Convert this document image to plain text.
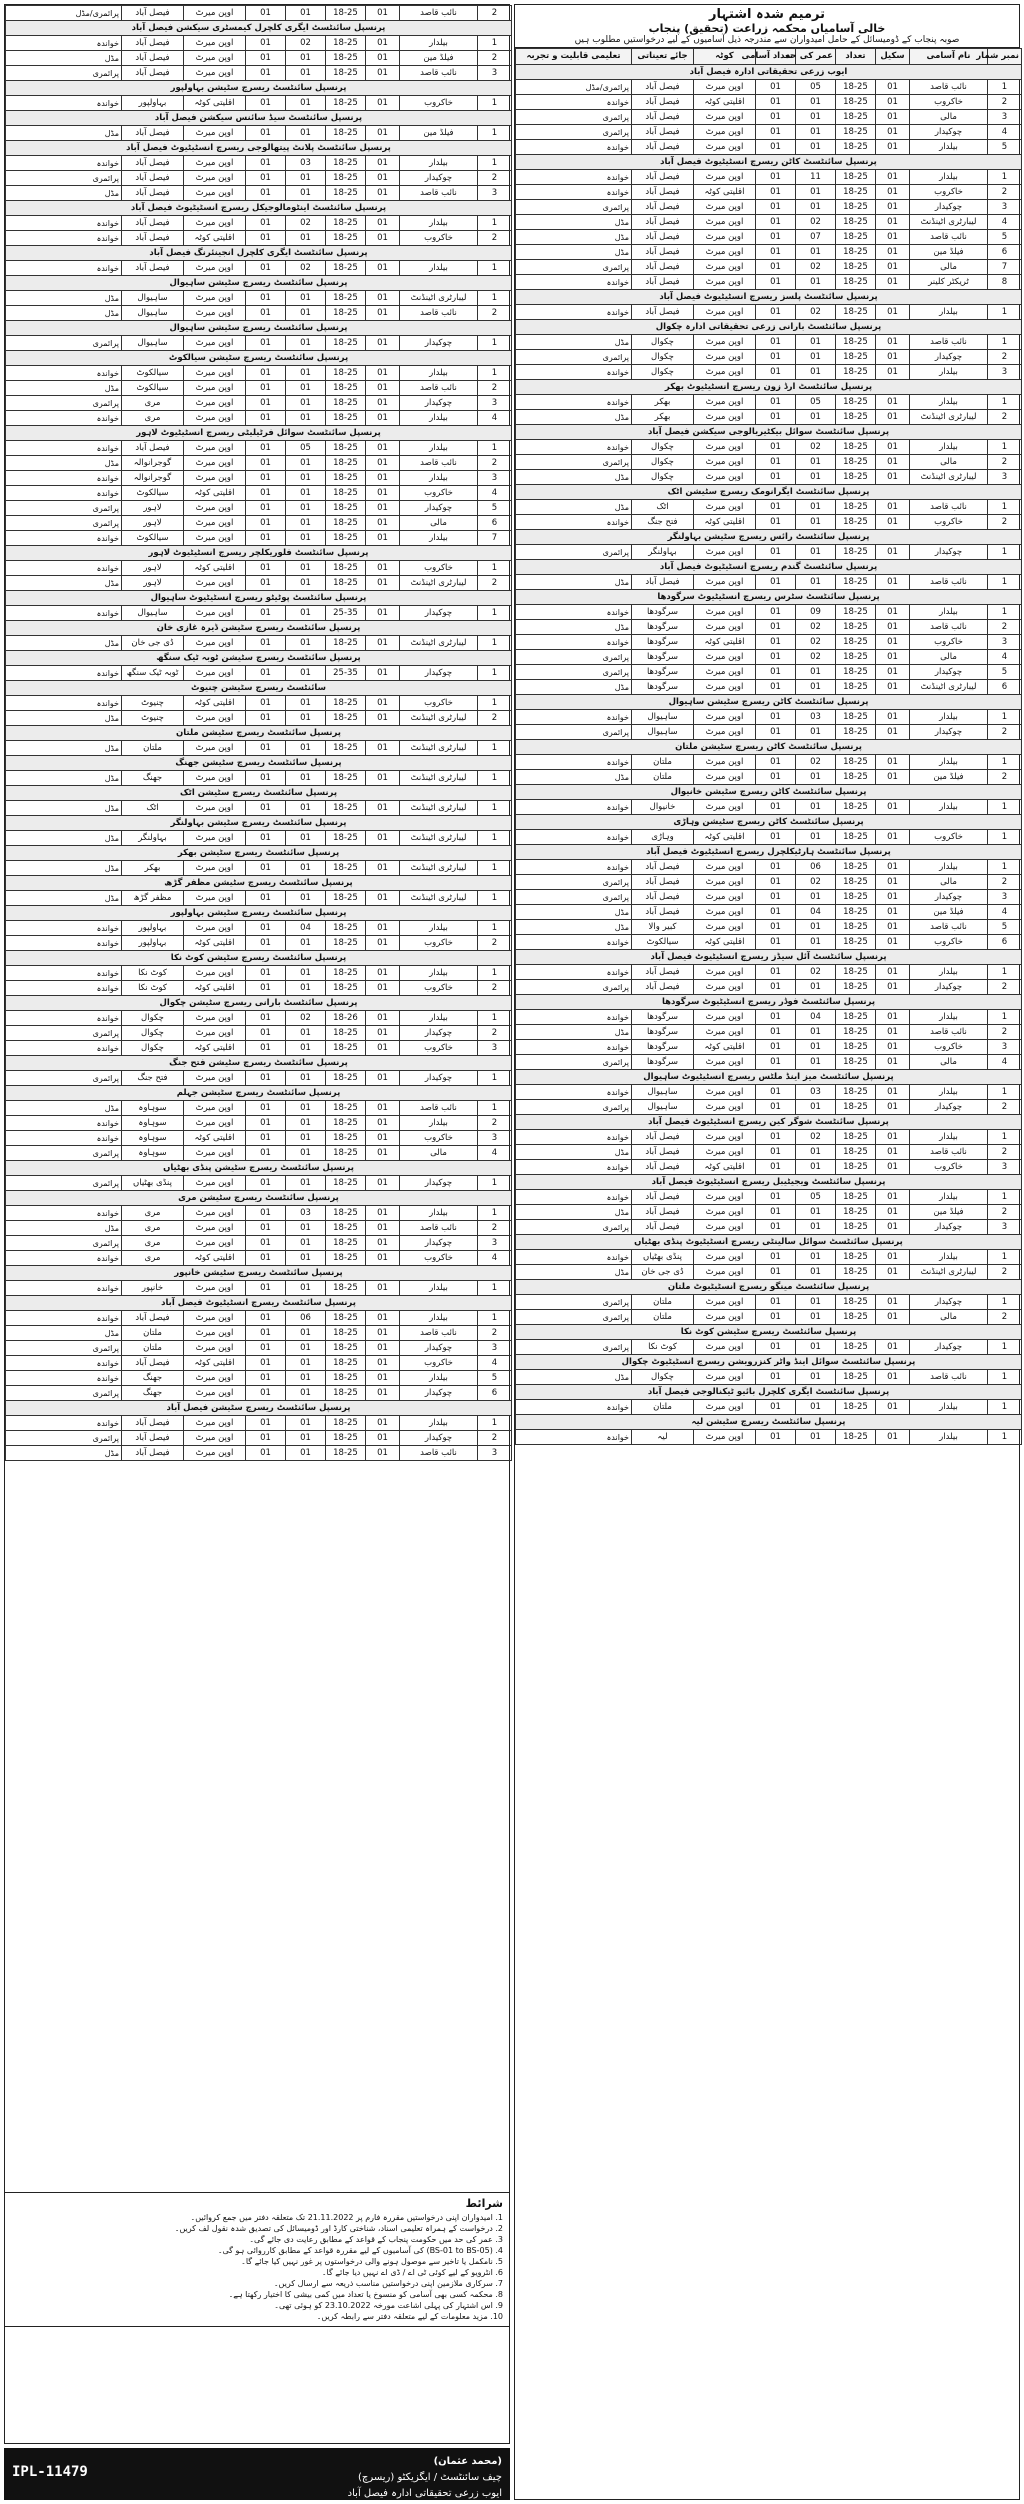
ترمیم شدہ اشتہار
خالی آسامیاں محکمہ زراعت (تحقیق) پنجاب
صوبہ پنجاب کے ڈومیسائل کے حامل امیدواران سے مندرجہ ذیل آسامیوں کے لیے درخواستیں مطلوب ہیں
نمبر شمار	نام آسامی	سکیل	تعداد	عمر کی حد	تعداد آسامی	کوٹہ	جائے تعیناتی	تعلیمی قابلیت و تجربہ
ایوب زرعی تحقیقاتی ادارہ فیصل آباد								
1	نائب قاصد	01	18-25	05	01	اوپن میرٹ	فیصل آباد	پرائمری/مڈل
2	خاکروب	01	18-25	01	01	اقلیتی کوٹہ	فیصل آباد	خواندہ
3	مالی	01	18-25	01	01	اوپن میرٹ	فیصل آباد	پرائمری
4	چوکیدار	01	18-25	01	01	اوپن میرٹ	فیصل آباد	پرائمری
5	بیلدار	01	18-25	01	01	اوپن میرٹ	فیصل آباد	خواندہ
پرنسپل سائنٹسٹ کاٹن ریسرچ انسٹیٹیوٹ فیصل آباد								
1	بیلدار	01	18-25	11	01	اوپن میرٹ	فیصل آباد	خواندہ
2	خاکروب	01	18-25	01	01	اقلیتی کوٹہ	فیصل آباد	خواندہ
3	چوکیدار	01	18-25	01	01	اوپن میرٹ	فیصل آباد	پرائمری
4	لیبارٹری اٹینڈنٹ	01	18-25	02	01	اوپن میرٹ	فیصل آباد	مڈل
5	نائب قاصد	01	18-25	07	01	اوپن میرٹ	فیصل آباد	مڈل
6	فیلڈ مین	01	18-25	01	01	اوپن میرٹ	فیصل آباد	مڈل
7	مالی	01	18-25	02	01	اوپن میرٹ	فیصل آباد	پرائمری
8	ٹریکٹر کلینر	01	18-25	01	01	اوپن میرٹ	فیصل آباد	خواندہ
پرنسپل سائنٹسٹ پلسز ریسرچ انسٹیٹیوٹ فیصل آباد								
1	بیلدار	01	18-25	02	01	اوپن میرٹ	فیصل آباد	خواندہ
پرنسپل سائنٹسٹ بارانی زرعی تحقیقاتی ادارہ چکوال								
1	نائب قاصد	01	18-25	01	01	اوپن میرٹ	چکوال	مڈل
2	چوکیدار	01	18-25	01	01	اوپن میرٹ	چکوال	پرائمری
3	بیلدار	01	18-25	01	01	اوپن میرٹ	چکوال	خواندہ
پرنسپل سائنٹسٹ ارڈ زون ریسرچ انسٹیٹیوٹ بھکر								
1	بیلدار	01	18-25	05	01	اوپن میرٹ	بھکر	خواندہ
2	لیبارٹری اٹینڈنٹ	01	18-25	01	01	اوپن میرٹ	بھکر	مڈل
پرنسپل سائنٹسٹ سوائل بیکٹیریالوجی سیکشن فیصل آباد								
1	بیلدار	01	18-25	02	01	اوپن میرٹ	چکوال	خواندہ
2	مالی	01	18-25	01	01	اوپن میرٹ	چکوال	پرائمری
3	لیبارٹری اٹینڈنٹ	01	18-25	01	01	اوپن میرٹ	چکوال	مڈل
پرنسپل سائنٹسٹ ایگرانومک ریسرچ سٹیشن اٹک								
1	نائب قاصد	01	18-25	01	01	اوپن میرٹ	اٹک	مڈل
2	خاکروب	01	18-25	01	01	اقلیتی کوٹہ	فتح جنگ	خواندہ
پرنسپل سائنٹسٹ رائس ریسرچ سٹیشن بہاولنگر								
1	چوکیدار	01	18-25	01	01	اوپن میرٹ	بہاولنگر	پرائمری
پرنسپل سائنٹسٹ گندم ریسرچ انسٹیٹیوٹ فیصل آباد								
1	نائب قاصد	01	18-25	01	01	اوپن میرٹ	فیصل آباد	مڈل
پرنسپل سائنٹسٹ سٹرس ریسرچ انسٹیٹیوٹ سرگودھا								
1	بیلدار	01	18-25	09	01	اوپن میرٹ	سرگودھا	خواندہ
2	نائب قاصد	01	18-25	02	01	اوپن میرٹ	سرگودھا	مڈل
3	خاکروب	01	18-25	02	01	اقلیتی کوٹہ	سرگودھا	خواندہ
4	مالی	01	18-25	02	01	اوپن میرٹ	سرگودھا	پرائمری
5	چوکیدار	01	18-25	01	01	اوپن میرٹ	سرگودھا	پرائمری
6	لیبارٹری اٹینڈنٹ	01	18-25	01	01	اوپن میرٹ	سرگودھا	مڈل
پرنسپل سائنٹسٹ کاٹن ریسرچ سٹیشن ساہیوال								
1	بیلدار	01	18-25	03	01	اوپن میرٹ	ساہیوال	خواندہ
2	چوکیدار	01	18-25	01	01	اوپن میرٹ	ساہیوال	پرائمری
پرنسپل سائنٹسٹ کاٹن ریسرچ سٹیشن ملتان								
1	بیلدار	01	18-25	02	01	اوپن میرٹ	ملتان	خواندہ
2	فیلڈ مین	01	18-25	01	01	اوپن میرٹ	ملتان	مڈل
پرنسپل سائنٹسٹ کاٹن ریسرچ سٹیشن خانیوال								
1	بیلدار	01	18-25	01	01	اوپن میرٹ	خانیوال	خواندہ
پرنسپل سائنٹسٹ کاٹن ریسرچ سٹیشن وہاڑی								
1	خاکروب	01	18-25	01	01	اقلیتی کوٹہ	وہاڑی	خواندہ
پرنسپل سائنٹسٹ ہارٹیکلچرل ریسرچ انسٹیٹیوٹ فیصل آباد								
1	بیلدار	01	18-25	06	01	اوپن میرٹ	فیصل آباد	خواندہ
2	مالی	01	18-25	02	01	اوپن میرٹ	فیصل آباد	پرائمری
3	چوکیدار	01	18-25	01	01	اوپن میرٹ	فیصل آباد	پرائمری
4	فیلڈ مین	01	18-25	04	01	اوپن میرٹ	فیصل آباد	مڈل
5	نائب قاصد	01	18-25	01	01	اوپن میرٹ	کبیر والا	مڈل
6	خاکروب	01	18-25	01	01	اقلیتی کوٹہ	سیالکوٹ	خواندہ
پرنسپل سائنٹسٹ آئل سیڈز ریسرچ انسٹیٹیوٹ فیصل آباد								
1	بیلدار	01	18-25	02	01	اوپن میرٹ	فیصل آباد	خواندہ
2	چوکیدار	01	18-25	01	01	اوپن میرٹ	فیصل آباد	پرائمری
پرنسپل سائنٹسٹ فوڈر ریسرچ انسٹیٹیوٹ سرگودھا								
1	بیلدار	01	18-25	04	01	اوپن میرٹ	سرگودھا	خواندہ
2	نائب قاصد	01	18-25	01	01	اوپن میرٹ	سرگودھا	مڈل
3	خاکروب	01	18-25	01	01	اقلیتی کوٹہ	سرگودھا	خواندہ
4	مالی	01	18-25	01	01	اوپن میرٹ	سرگودھا	پرائمری
پرنسپل سائنٹسٹ میز اینڈ ملٹس ریسرچ انسٹیٹیوٹ ساہیوال								
1	بیلدار	01	18-25	03	01	اوپن میرٹ	ساہیوال	خواندہ
2	چوکیدار	01	18-25	01	01	اوپن میرٹ	ساہیوال	پرائمری
پرنسپل سائنٹسٹ شوگر کین ریسرچ انسٹیٹیوٹ فیصل آباد								
1	بیلدار	01	18-25	02	01	اوپن میرٹ	فیصل آباد	خواندہ
2	نائب قاصد	01	18-25	01	01	اوپن میرٹ	فیصل آباد	مڈل
3	خاکروب	01	18-25	01	01	اقلیتی کوٹہ	فیصل آباد	خواندہ
پرنسپل سائنٹسٹ ویجیٹیبل ریسرچ انسٹیٹیوٹ فیصل آباد								
1	بیلدار	01	18-25	05	01	اوپن میرٹ	فیصل آباد	خواندہ
2	فیلڈ مین	01	18-25	01	01	اوپن میرٹ	فیصل آباد	مڈل
3	چوکیدار	01	18-25	01	01	اوپن میرٹ	فیصل آباد	پرائمری
پرنسپل سائنٹسٹ سوائل سالینٹی ریسرچ انسٹیٹیوٹ پنڈی بھٹیاں								
1	بیلدار	01	18-25	01	01	اوپن میرٹ	پنڈی بھٹیاں	خواندہ
2	لیبارٹری اٹینڈنٹ	01	18-25	01	01	اوپن میرٹ	ڈی جی خان	مڈل
پرنسپل سائنٹسٹ مینگو ریسرچ انسٹیٹیوٹ ملتان								
1	چوکیدار	01	18-25	01	01	اوپن میرٹ	ملتان	پرائمری
2	مالی	01	18-25	01	01	اوپن میرٹ	ملتان	پرائمری
پرنسپل سائنٹسٹ ریسرچ سٹیشن کوٹ نکا								
1	چوکیدار	01	18-25	01	01	اوپن میرٹ	کوٹ نکا	پرائمری
پرنسپل سائنٹسٹ سوائل اینڈ واٹر کنزرویشن ریسرچ انسٹیٹیوٹ چکوال								
1	نائب قاصد	01	18-25	01	01	اوپن میرٹ	چکوال	مڈل
پرنسپل سائنٹسٹ ایگری کلچرل بائیو ٹیکنالوجی فیصل آباد								
1	بیلدار	01	18-25	01	01	اوپن میرٹ	ملتان	خواندہ
پرنسپل سائنٹسٹ ریسرچ سٹیشن لیہ								
1	بیلدار	01	18-25	01	01	اوپن میرٹ	لیہ	خواندہ
2	نائب قاصد	01	18-25	01	01	اوپن میرٹ	فیصل آباد	پرائمری/مڈل
پرنسپل سائنٹسٹ ایگری کلچرل کیمسٹری سیکشن فیصل آباد								
1	بیلدار	01	18-25	02	01	اوپن میرٹ	فیصل آباد	خواندہ
2	فیلڈ مین	01	18-25	01	01	اوپن میرٹ	فیصل آباد	مڈل
3	نائب قاصد	01	18-25	01	01	اوپن میرٹ	فیصل آباد	پرائمری
پرنسپل سائنٹسٹ ریسرچ سٹیشن بہاولپور								
1	خاکروب	01	18-25	01	01	اقلیتی کوٹہ	بہاولپور	خواندہ
پرنسپل سائنٹسٹ سیڈ سائنس سیکشن فیصل آباد								
1	فیلڈ مین	01	18-25	01	01	اوپن میرٹ	فیصل آباد	مڈل
پرنسپل سائنٹسٹ پلانٹ پیتھالوجی ریسرچ انسٹیٹیوٹ فیصل آباد								
1	بیلدار	01	18-25	03	01	اوپن میرٹ	فیصل آباد	خواندہ
2	چوکیدار	01	18-25	01	01	اوپن میرٹ	فیصل آباد	پرائمری
3	نائب قاصد	01	18-25	01	01	اوپن میرٹ	فیصل آباد	مڈل
پرنسپل سائنٹسٹ اینٹومالوجیکل ریسرچ انسٹیٹیوٹ فیصل آباد								
1	بیلدار	01	18-25	02	01	اوپن میرٹ	فیصل آباد	خواندہ
2	خاکروب	01	18-25	01	01	اقلیتی کوٹہ	فیصل آباد	خواندہ
پرنسپل سائنٹسٹ ایگری کلچرل انجینئرنگ فیصل آباد								
1	بیلدار	01	18-25	02	01	اوپن میرٹ	فیصل آباد	خواندہ
پرنسپل سائنٹسٹ ریسرچ سٹیشن ساہیوال								
1	لیبارٹری اٹینڈنٹ	01	18-25	01	01	اوپن میرٹ	ساہیوال	مڈل
2	نائب قاصد	01	18-25	01	01	اوپن میرٹ	ساہیوال	مڈل
پرنسپل سائنٹسٹ ریسرچ سٹیشن ساہیوال								
1	چوکیدار	01	18-25	01	01	اوپن میرٹ	ساہیوال	پرائمری
پرنسپل سائنٹسٹ ریسرچ سٹیشن سیالکوٹ								
1	بیلدار	01	18-25	01	01	اوپن میرٹ	سیالکوٹ	خواندہ
2	نائب قاصد	01	18-25	01	01	اوپن میرٹ	سیالکوٹ	مڈل
3	چوکیدار	01	18-25	01	01	اوپن میرٹ	مری	پرائمری
4	بیلدار	01	18-25	01	01	اوپن میرٹ	مری	خواندہ
پرنسپل سائنٹسٹ سوائل فرٹیلیٹی ریسرچ انسٹیٹیوٹ لاہور								
1	بیلدار	01	18-25	05	01	اوپن میرٹ	فیصل آباد	خواندہ
2	نائب قاصد	01	18-25	01	01	اوپن میرٹ	گوجرانوالہ	مڈل
3	بیلدار	01	18-25	01	01	اوپن میرٹ	گوجرانوالہ	خواندہ
4	خاکروب	01	18-25	01	01	اقلیتی کوٹہ	سیالکوٹ	خواندہ
5	چوکیدار	01	18-25	01	01	اوپن میرٹ	لاہور	پرائمری
6	مالی	01	18-25	01	01	اوپن میرٹ	لاہور	پرائمری
7	بیلدار	01	18-25	01	01	اوپن میرٹ	سیالکوٹ	خواندہ
پرنسپل سائنٹسٹ فلوریکلچر ریسرچ انسٹیٹیوٹ لاہور								
1	خاکروب	01	18-25	01	01	اقلیتی کوٹہ	لاہور	خواندہ
2	لیبارٹری اٹینڈنٹ	01	18-25	01	01	اوپن میرٹ	لاہور	مڈل
پرنسپل سائنٹسٹ پوٹیٹو ریسرچ انسٹیٹیوٹ ساہیوال								
1	چوکیدار	01	25-35	01	01	اوپن میرٹ	ساہیوال	خواندہ
پرنسپل سائنٹسٹ ریسرچ سٹیشن ڈیرہ غازی خان								
1	لیبارٹری اٹینڈنٹ	01	18-25	01	01	اوپن میرٹ	ڈی جی خان	مڈل
پرنسپل سائنٹسٹ ریسرچ سٹیشن ٹوبہ ٹیک سنگھ								
1	چوکیدار	01	25-35	01	01	اوپن میرٹ	ٹوبہ ٹیک سنگھ	خواندہ
سائنٹسٹ ریسرچ سٹیشن چنیوٹ								
1	خاکروب	01	18-25	01	01	اقلیتی کوٹہ	چنیوٹ	خواندہ
2	لیبارٹری اٹینڈنٹ	01	18-25	01	01	اوپن میرٹ	چنیوٹ	مڈل
پرنسپل سائنٹسٹ ریسرچ سٹیشن ملتان								
1	لیبارٹری اٹینڈنٹ	01	18-25	01	01	اوپن میرٹ	ملتان	مڈل
پرنسپل سائنٹسٹ ریسرچ سٹیشن جھنگ								
1	لیبارٹری اٹینڈنٹ	01	18-25	01	01	اوپن میرٹ	جھنگ	مڈل
پرنسپل سائنٹسٹ ریسرچ سٹیشن اٹک								
1	لیبارٹری اٹینڈنٹ	01	18-25	01	01	اوپن میرٹ	اٹک	مڈل
پرنسپل سائنٹسٹ ریسرچ سٹیشن بہاولنگر								
1	لیبارٹری اٹینڈنٹ	01	18-25	01	01	اوپن میرٹ	بہاولنگر	مڈل
پرنسپل سائنٹسٹ ریسرچ سٹیشن بھکر								
1	لیبارٹری اٹینڈنٹ	01	18-25	01	01	اوپن میرٹ	بھکر	مڈل
پرنسپل سائنٹسٹ ریسرچ سٹیشن مظفر گڑھ								
1	لیبارٹری اٹینڈنٹ	01	18-25	01	01	اوپن میرٹ	مظفر گڑھ	مڈل
پرنسپل سائنٹسٹ ریسرچ سٹیشن بہاولپور								
1	بیلدار	01	18-25	04	01	اوپن میرٹ	بہاولپور	خواندہ
2	خاکروب	01	18-25	01	01	اقلیتی کوٹہ	بہاولپور	خواندہ
پرنسپل سائنٹسٹ ریسرچ سٹیشن کوٹ نکا								
1	بیلدار	01	18-25	01	01	اوپن میرٹ	کوٹ نکا	خواندہ
2	خاکروب	01	18-25	01	01	اقلیتی کوٹہ	کوٹ نکا	خواندہ
پرنسپل سائنٹسٹ بارانی ریسرچ سٹیشن چکوال								
1	بیلدار	01	18-26	02	01	اوپن میرٹ	چکوال	خواندہ
2	چوکیدار	01	18-25	01	01	اوپن میرٹ	چکوال	پرائمری
3	خاکروب	01	18-25	01	01	اقلیتی کوٹہ	چکوال	خواندہ
پرنسپل سائنٹسٹ ریسرچ سٹیشن فتح جنگ								
1	چوکیدار	01	18-25	01	01	اوپن میرٹ	فتح جنگ	پرائمری
پرنسپل سائنٹسٹ ریسرچ سٹیشن جہلم								
1	نائب قاصد	01	18-25	01	01	اوپن میرٹ	سوہاوہ	مڈل
2	بیلدار	01	18-25	01	01	اوپن میرٹ	سوہاوہ	خواندہ
3	خاکروب	01	18-25	01	01	اقلیتی کوٹہ	سوہاوہ	خواندہ
4	مالی	01	18-25	01	01	اوپن میرٹ	سوہاوہ	پرائمری
پرنسپل سائنٹسٹ ریسرچ سٹیشن پنڈی بھٹیاں								
1	چوکیدار	01	18-25	01	01	اوپن میرٹ	پنڈی بھٹیاں	پرائمری
پرنسپل سائنٹسٹ ریسرچ سٹیشن مری								
1	بیلدار	01	18-25	03	01	اوپن میرٹ	مری	خواندہ
2	نائب قاصد	01	18-25	01	01	اوپن میرٹ	مری	مڈل
3	چوکیدار	01	18-25	01	01	اوپن میرٹ	مری	پرائمری
4	خاکروب	01	18-25	01	01	اقلیتی کوٹہ	مری	خواندہ
پرنسپل سائنٹسٹ ریسرچ سٹیشن خانپور								
1	بیلدار	01	18-25	01	01	اوپن میرٹ	خانپور	خواندہ
پرنسپل سائنٹسٹ ریسرچ انسٹیٹیوٹ فیصل آباد								
1	بیلدار	01	18-25	06	01	اوپن میرٹ	فیصل آباد	خواندہ
2	نائب قاصد	01	18-25	01	01	اوپن میرٹ	ملتان	مڈل
3	چوکیدار	01	18-25	01	01	اوپن میرٹ	ملتان	پرائمری
4	خاکروب	01	18-25	01	01	اقلیتی کوٹہ	فیصل آباد	خواندہ
5	بیلدار	01	18-25	01	01	اوپن میرٹ	جھنگ	خواندہ
6	چوکیدار	01	18-25	01	01	اوپن میرٹ	جھنگ	پرائمری
پرنسپل سائنٹسٹ ریسرچ سٹیشن فیصل آباد								
1	بیلدار	01	18-25	01	01	اوپن میرٹ	فیصل آباد	خواندہ
2	چوکیدار	01	18-25	01	01	اوپن میرٹ	فیصل آباد	پرائمری
3	نائب قاصد	01	18-25	01	01	اوپن میرٹ	فیصل آباد	مڈل
شرائط
1. امیدواران اپنی درخواستیں مقررہ فارم پر 21.11.2022 تک متعلقہ دفتر میں جمع کروائیں۔
2. درخواست کے ہمراہ تعلیمی اسناد، شناختی کارڈ اور ڈومیسائل کی تصدیق شدہ نقول لف کریں۔
3. عمر کی حد میں حکومت پنجاب کے قواعد کے مطابق رعایت دی جائے گی۔
4. (BS-01 to BS-05) کی آسامیوں کے لیے مقررہ قواعد کے مطابق کارروائی ہو گی۔
5. نامکمل یا تاخیر سے موصول ہونے والی درخواستوں پر غور نہیں کیا جائے گا۔
6. انٹرویو کے لیے کوئی ٹی اے / ڈی اے نہیں دیا جائے گا۔
7. سرکاری ملازمین اپنی درخواستیں مناسب ذریعہ سے ارسال کریں۔
8. محکمہ کسی بھی آسامی کو منسوخ یا تعداد میں کمی بیشی کا اختیار رکھتا ہے۔
9. اس اشتہار کی پہلی اشاعت مورخہ 23.10.2022 کو ہوئی تھی۔
10. مزید معلومات کے لیے متعلقہ دفتر سے رابطہ کریں۔
IPL-11479
(محمد عثمان)
چیف سائنٹسٹ / ایگزیکٹو (ریسرچ)
ایوب زرعی تحقیقاتی ادارہ فیصل آباد
